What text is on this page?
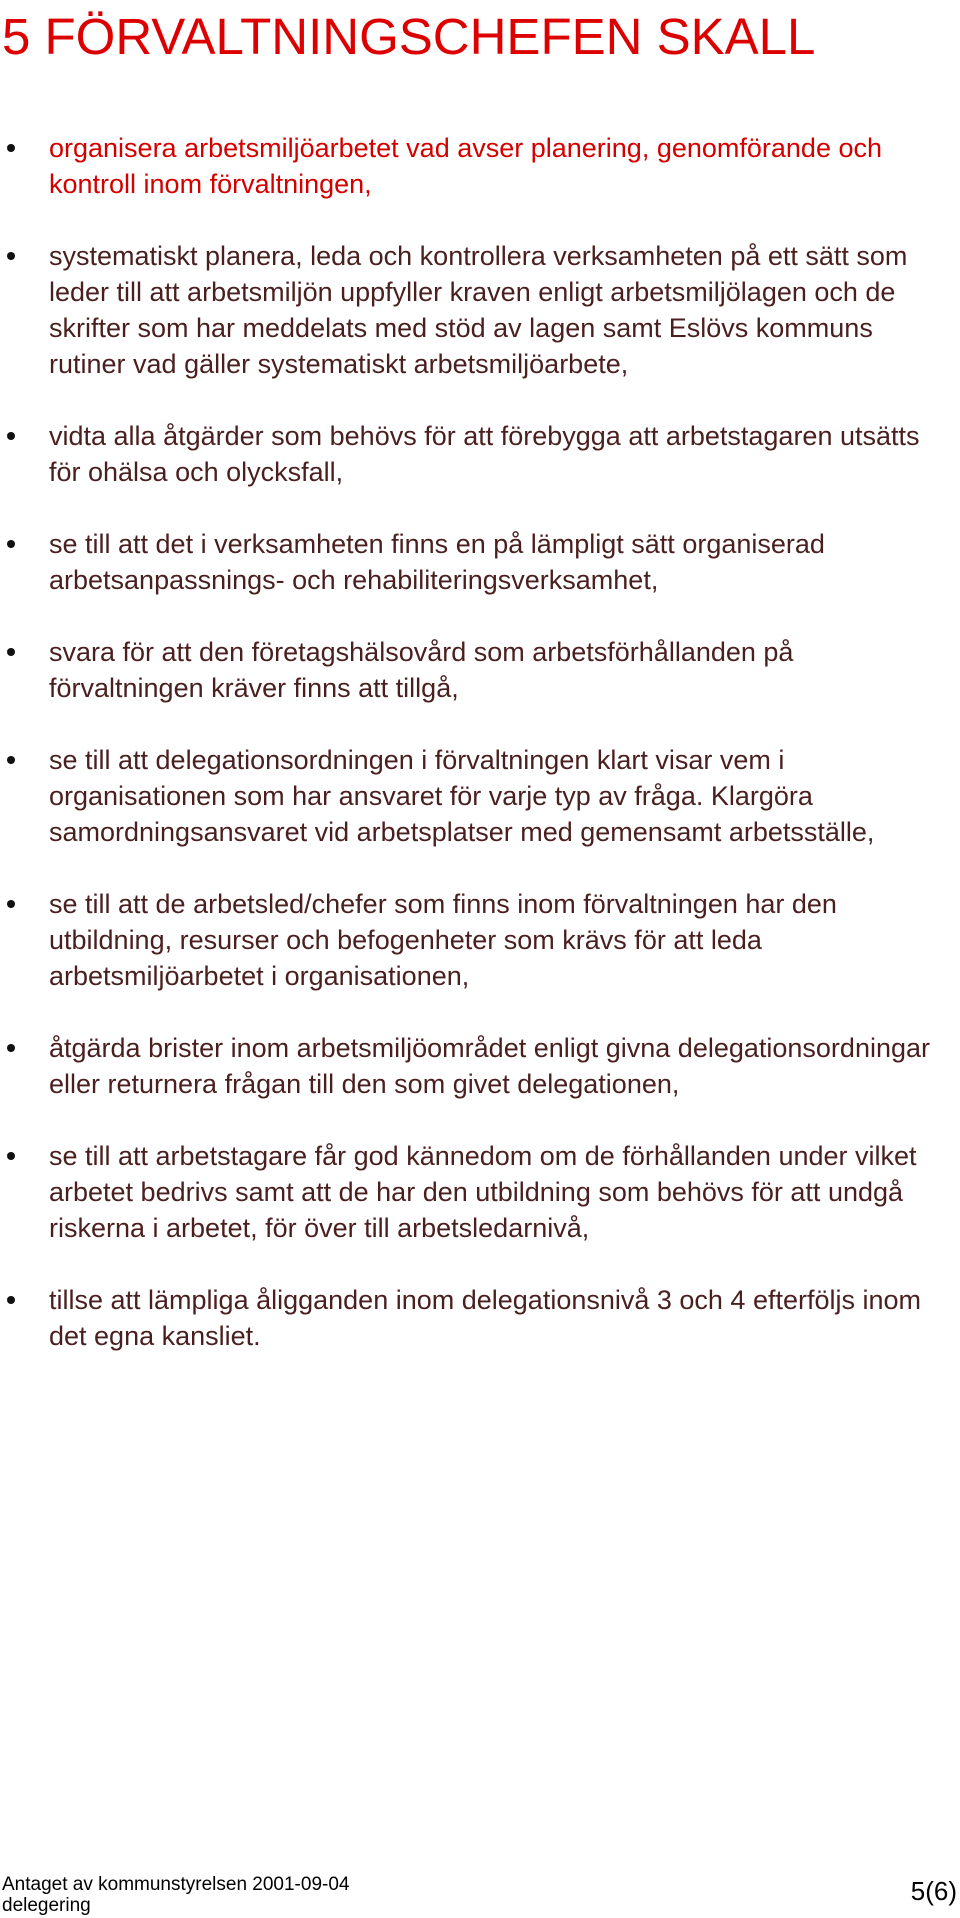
5 FÖRVALTNINGSCHEFEN SKALL
organisera arbetsmiljöarbetet vad avser planering, genomförande och kontroll inom förvaltningen,
systematiskt planera, leda och kontrollera verksamheten på ett sätt som leder till att arbetsmiljön uppfyller kraven enligt arbetsmiljölagen och de skrifter som har meddelats med stöd av lagen samt Eslövs kommuns rutiner vad gäller systematiskt arbetsmiljöarbete,
vidta alla åtgärder som behövs för att förebygga att arbetstagaren utsätts för ohälsa och olycksfall,
se till att det i verksamheten finns en på lämpligt sätt organiserad arbetsanpassnings- och rehabiliteringsverksamhet,
svara för att den företagshälsovård som arbetsförhållanden på förvaltningen kräver finns att tillgå,
se till att delegationsordningen i förvaltningen klart visar vem i organisationen som har ansvaret för varje typ av fråga. Klargöra samordningsansvaret vid arbetsplatser med gemensamt arbetsställe,
se till att de arbetsled/chefer som finns inom förvaltningen har den utbildning, resurser och befogenheter som krävs för att leda arbetsmiljöarbetet i organisationen,
åtgärda brister inom arbetsmiljöområdet enligt givna delegationsordningar eller returnera frågan till den som givet delegationen,
se till att arbetstagare får god kännedom om de förhållanden under vilket arbetet bedrivs samt att de har den utbildning som behövs för att undgå riskerna i arbetet, för över till arbetsledarnivå,
tillse att lämpliga åligganden inom delegationsnivå 3 och 4 efterföljs inom det egna kansliet.
Antaget av kommunstyrelsen 2001-09-04
delegering	5(6)
